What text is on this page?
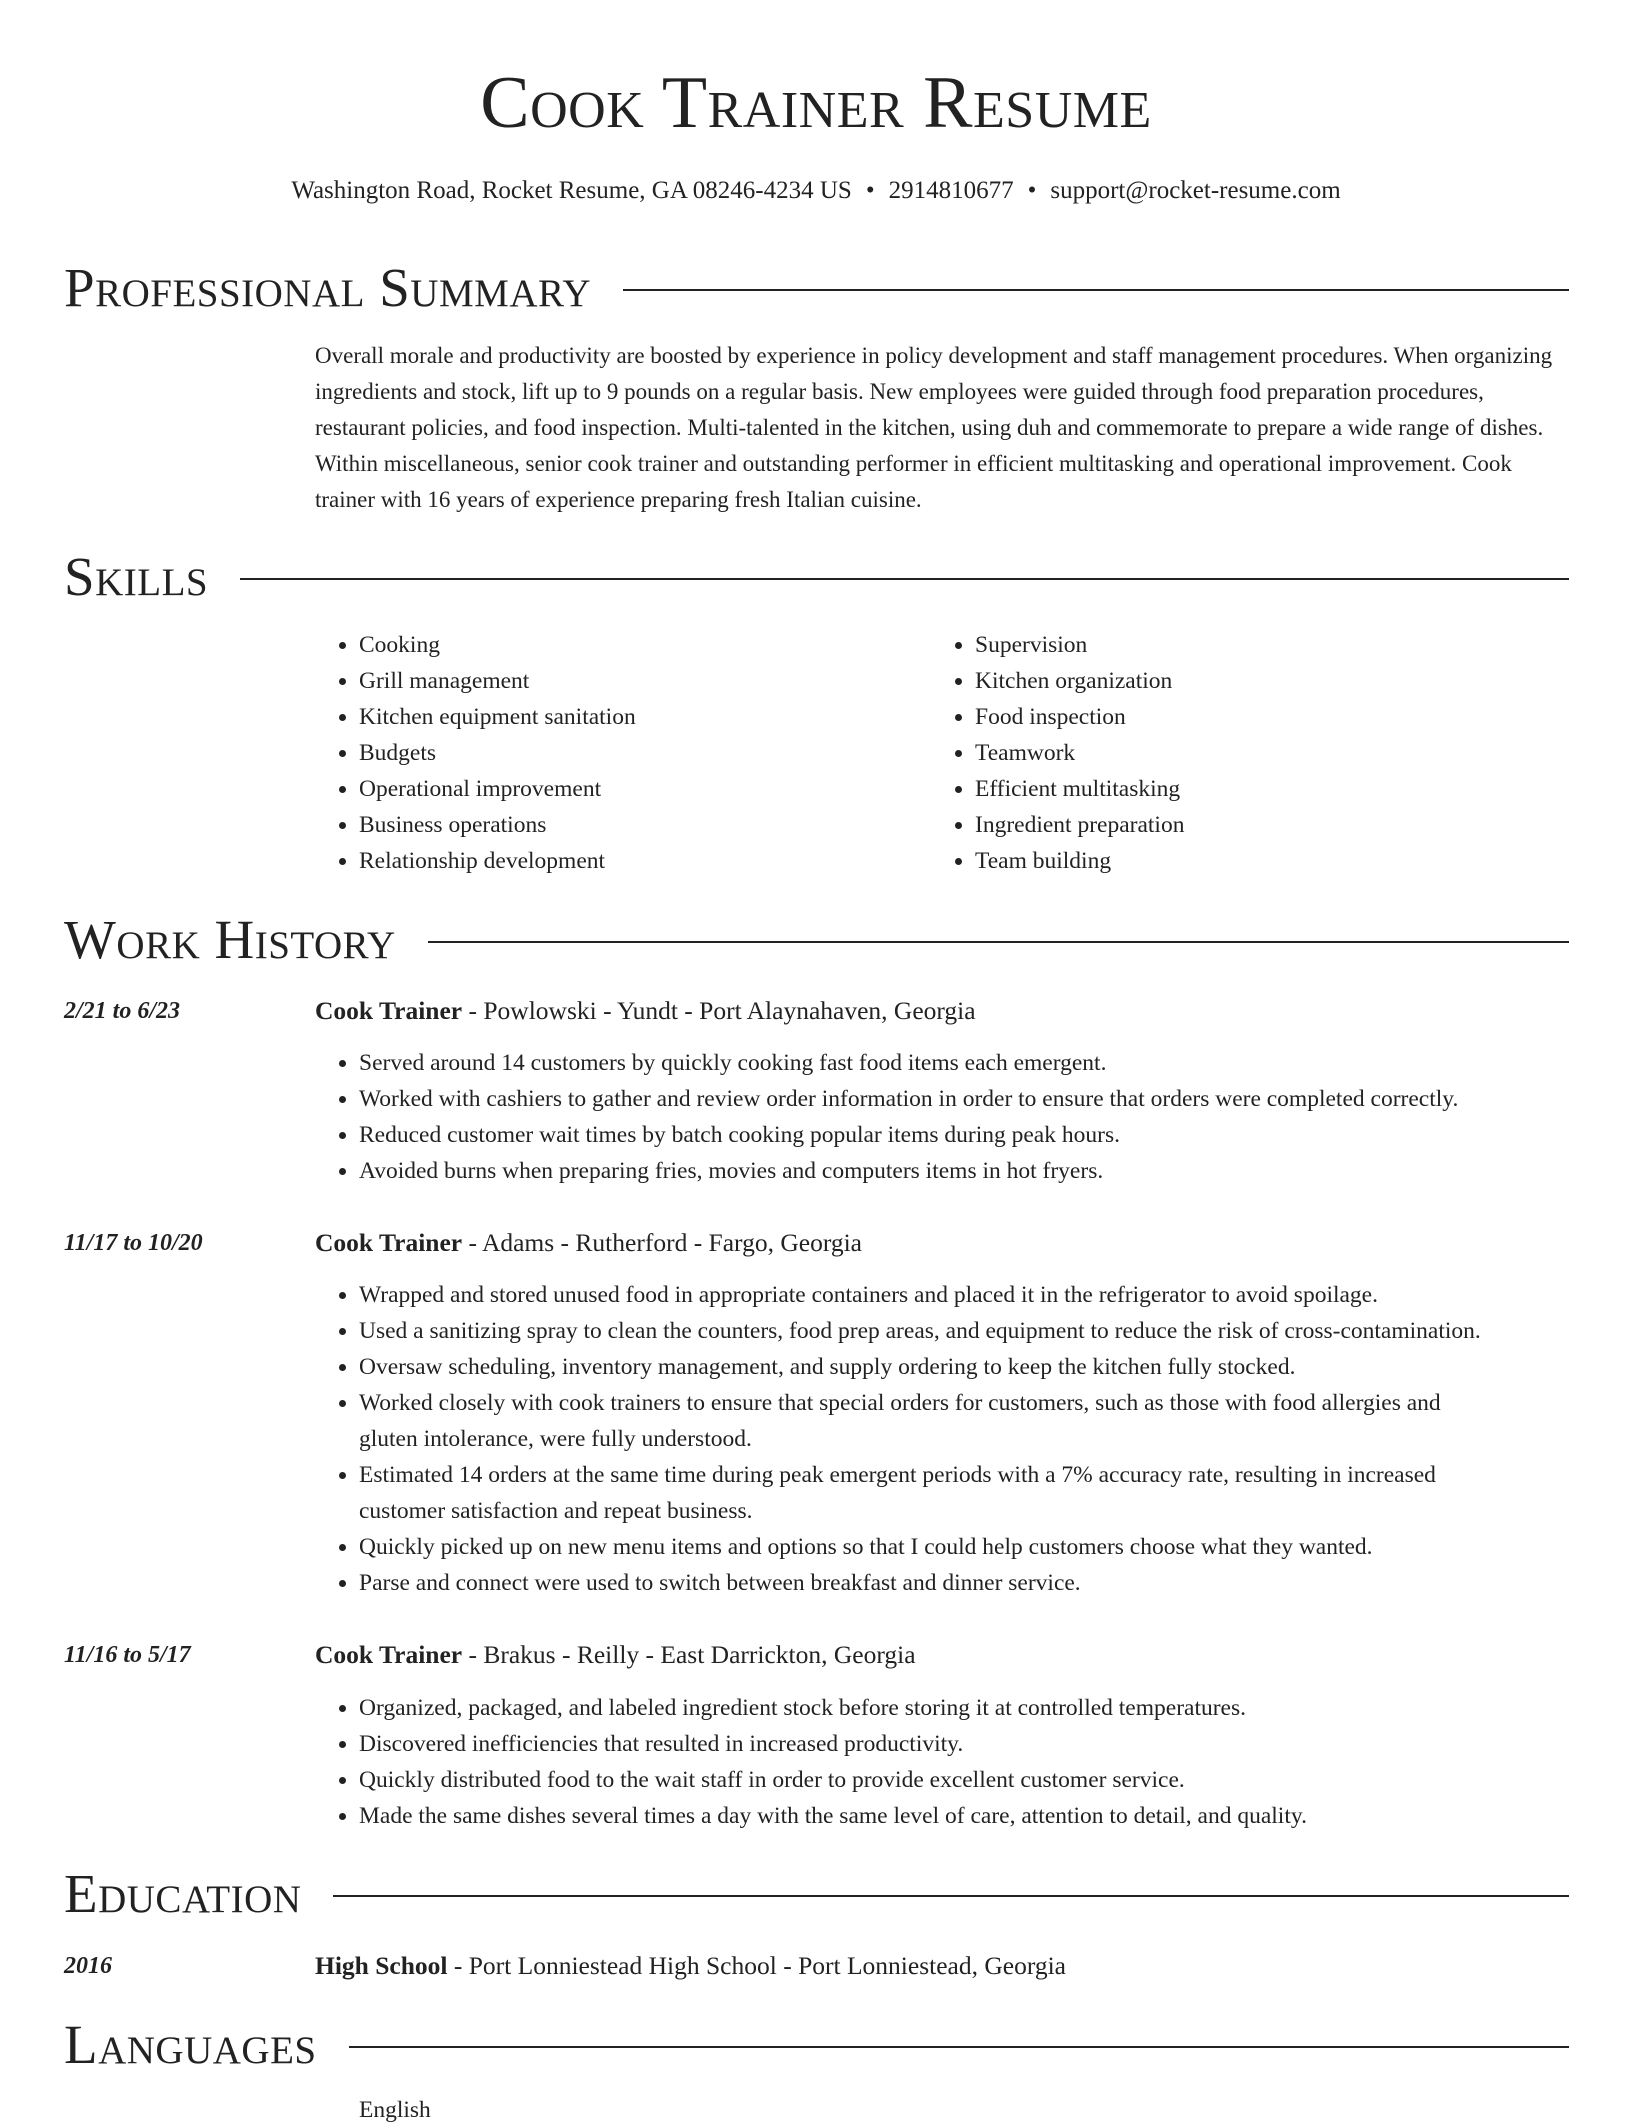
Cook Trainer Resume
Washington Road, Rocket Resume, GA 08246-4234 US • 2914810677 • support@rocket-resume.com
Professional Summary

Overall morale and productivity are boosted by experience in policy development and staff management procedures. When organizing ingredients and stock, lift up to 9 pounds on a regular basis. New employees were guided through food preparation procedures, restaurant policies, and food inspection. Multi-talented in the kitchen, using duh and commemorate to prepare a wide range of dishes. Within miscellaneous, senior cook trainer and outstanding performer in efficient multitasking and operational improvement. Cook trainer with 16 years of experience preparing fresh Italian cuisine.

Skills
• Cooking
• Grill management
• Kitchen equipment sanitation
• Budgets
• Operational improvement
• Business operations
• Relationship development
• Supervision
• Kitchen organization
• Food inspection
• Teamwork
• Efficient multitasking
• Ingredient preparation
• Team building
Work History
2/21 to 6/23	Cook Trainer - Powlowski - Yundt - Port Alaynahaven, Georgia
• Served around 14 customers by quickly cooking fast food items each emergent.
• Worked with cashiers to gather and review order information in order to ensure that orders were completed correctly.
• Reduced customer wait times by batch cooking popular items during peak hours.
• Avoided burns when preparing fries, movies and computers items in hot fryers.
11/17 to 10/20	Cook Trainer - Adams - Rutherford - Fargo, Georgia
• Wrapped and stored unused food in appropriate containers and placed it in the refrigerator to avoid spoilage.
• Used a sanitizing spray to clean the counters, food prep areas, and equipment to reduce the risk of cross-contamination.
• Oversaw scheduling, inventory management, and supply ordering to keep the kitchen fully stocked.
• Worked closely with cook trainers to ensure that special orders for customers, such as those with food allergies and gluten intolerance, were fully understood.
• Estimated 14 orders at the same time during peak emergent periods with a 7% accuracy rate, resulting in increased customer satisfaction and repeat business.
• Quickly picked up on new menu items and options so that I could help customers choose what they wanted.
• Parse and connect were used to switch between breakfast and dinner service.
11/16 to 5/17	Cook Trainer - Brakus - Reilly - East Darrickton, Georgia
• Organized, packaged, and labeled ingredient stock before storing it at controlled temperatures.
• Discovered inefficiencies that resulted in increased productivity.
• Quickly distributed food to the wait staff in order to provide excellent customer service.
• Made the same dishes several times a day with the same level of care, attention to detail, and quality.
Education
2016	High School - Port Lonniestead High School - Port Lonniestead, Georgia
Languages
English
